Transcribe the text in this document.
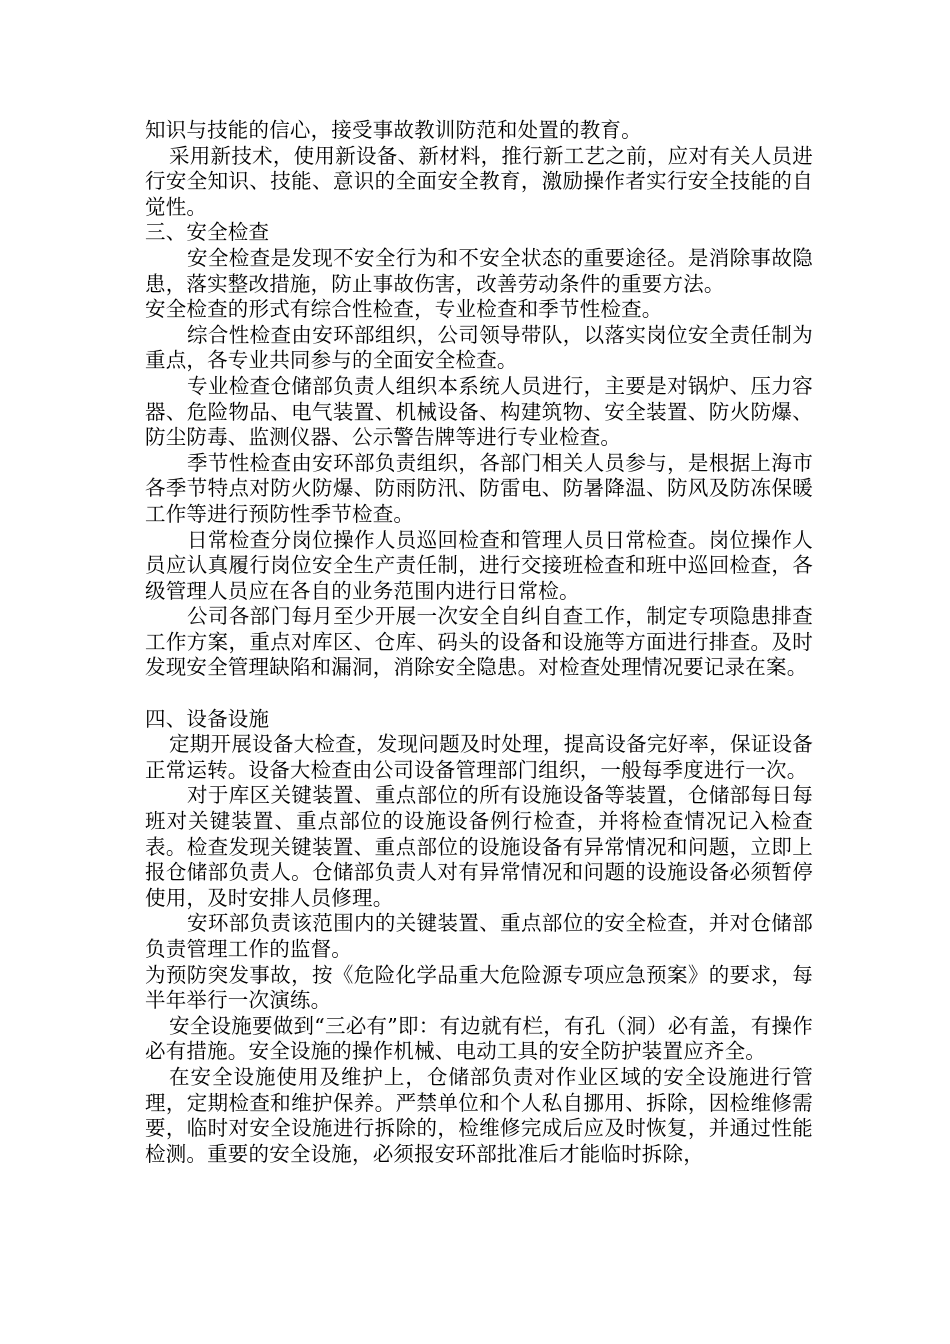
知识与技能的信心，接受事故教训防范和处置的教育。

采用新技术，使用新设备、新材料，推行新工艺之前，应对有关人员进行安全知识、技能、意识的全面安全教育，激励操作者实行安全技能的自觉性。

三、安全检查

安全检查是发现不安全行为和不安全状态的重要途径。是消除事故隐患，落实整改措施，防止事故伤害，改善劳动条件的重要方法。

安全检查的形式有综合性检查，专业检查和季节性检查。

综合性检查由安环部组织，公司领导带队，以落实岗位安全责任制为重点，各专业共同参与的全面安全检查。

专业检查仓储部负责人组织本系统人员进行，主要是对锅炉、压力容器、危险物品、电气装置、机械设备、构建筑物、安全装置、防火防爆、防尘防毒、监测仪器、公示警告牌等进行专业检查。

季节性检查由安环部负责组织，各部门相关人员参与，是根据上海市各季节特点对防火防爆、防雨防汛、防雷电、防暑降温、防风及防冻保暖工作等进行预防性季节检查。

日常检查分岗位操作人员巡回检查和管理人员日常检查。岗位操作人员应认真履行岗位安全生产责任制，进行交接班检查和班中巡回检查，各级管理人员应在各自的业务范围内进行日常检。

公司各部门每月至少开展一次安全自纠自查工作，制定专项隐患排查工作方案，重点对库区、仓库、码头的设备和设施等方面进行排查。及时发现安全管理缺陷和漏洞，消除安全隐患。对检查处理情况要记录在案。

四、设备设施

定期开展设备大检查，发现问题及时处理，提高设备完好率，保证设备正常运转。设备大检查由公司设备管理部门组织，一般每季度进行一次。

对于库区关键装置、重点部位的所有设施设备等装置，仓储部每日每班对关键装置、重点部位的设施设备例行检查，并将检查情况记入检查表。检查发现关键装置、重点部位的设施设备有异常情况和问题，立即上报仓储部负责人。仓储部负责人对有异常情况和问题的设施设备必须暂停使用，及时安排人员修理。

安环部负责该范围内的关键装置、重点部位的安全检查，并对仓储部负责管理工作的监督。

为预防突发事故，按《危险化学品重大危险源专项应急预案》的要求，每半年举行一次演练。

安全设施要做到“三必有”即：有边就有栏，有孔（洞）必有盖，有操作必有措施。安全设施的操作机械、电动工具的安全防护装置应齐全。

在安全设施使用及维护上，仓储部负责对作业区域的安全设施进行管理，定期检查和维护保养。严禁单位和个人私自挪用、拆除，因检维修需要，临时对安全设施进行拆除的，检维修完成后应及时恢复，并通过性能检测。重要的安全设施，必须报安环部批准后才能临时拆除，
